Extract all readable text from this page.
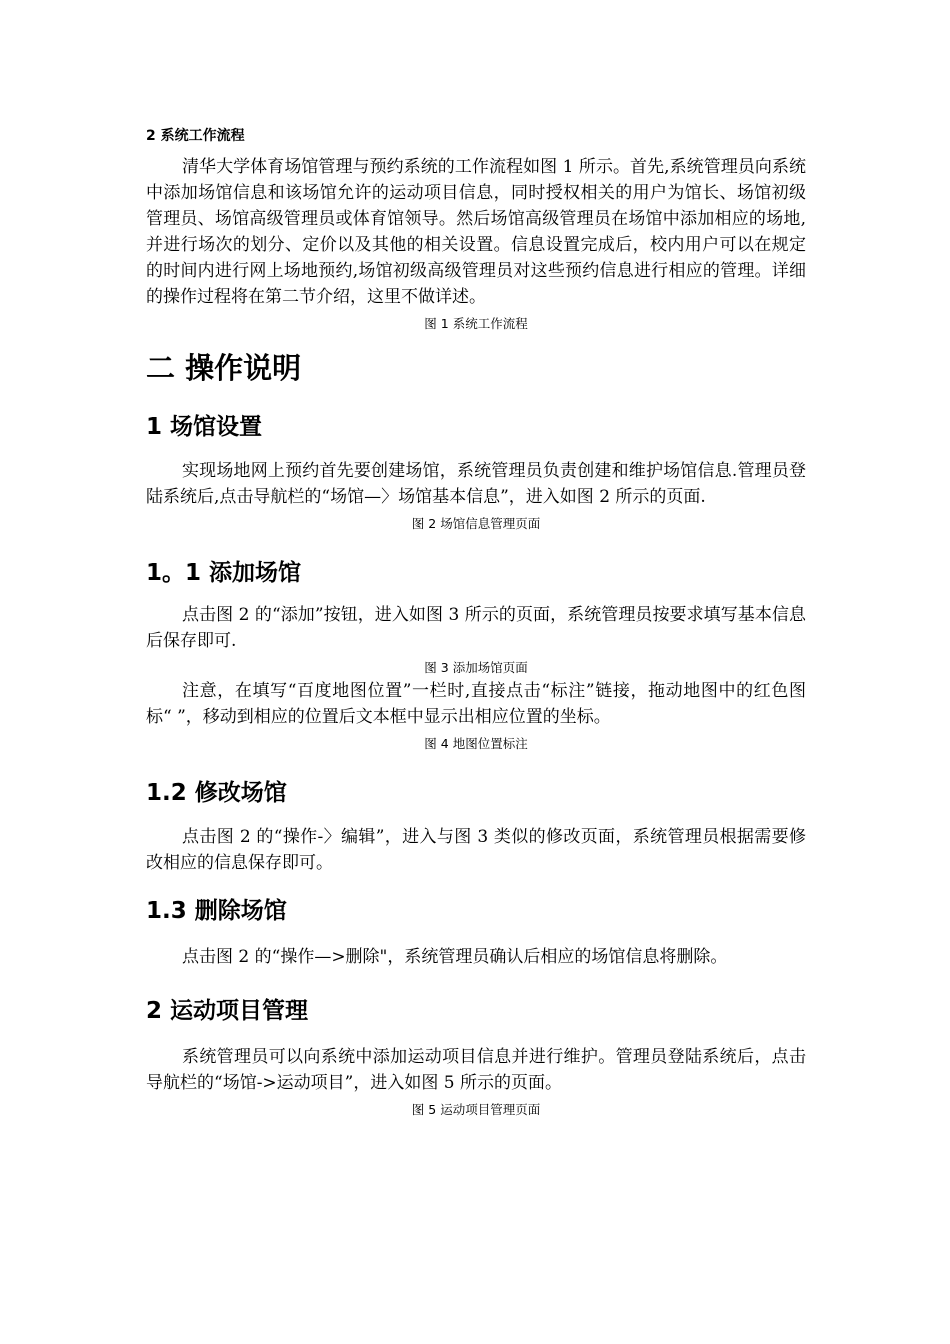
2 系统工作流程

清华大学体育场馆管理与预约系统的工作流程如图 1 所示。首先,系统管理员向系统中添加场馆信息和该场馆允许的运动项目信息，同时授权相关的用户为馆长、场馆初级管理员、场馆高级管理员或体育馆领导。然后场馆高级管理员在场馆中添加相应的场地,并进行场次的划分、定价以及其他的相关设置。信息设置完成后，校内用户可以在规定的时间内进行网上场地预约,场馆初级高级管理员对这些预约信息进行相应的管理。详细的操作过程将在第二节介绍，这里不做详述。

图 1 系统工作流程
二 操作说明
1 场馆设置

实现场地网上预约首先要创建场馆，系统管理员负责创建和维护场馆信息.管理员登陆系统后,点击导航栏的“场馆—〉场馆基本信息”，进入如图 2 所示的页面.

图 2 场馆信息管理页面
1。1 添加场馆

点击图 2 的“添加”按钮，进入如图 3 所示的页面，系统管理员按要求填写基本信息后保存即可.

图 3 添加场馆页面

注意，在填写“百度地图位置”一栏时,直接点击“标注”链接，拖动地图中的红色图标“ ”，移动到相应的位置后文本框中显示出相应位置的坐标。

图 4 地图位置标注
1.2 修改场馆

点击图 2 的“操作-〉编辑”，进入与图 3 类似的修改页面，系统管理员根据需要修改相应的信息保存即可。

1.3 删除场馆

点击图 2 的“操作—>删除"，系统管理员确认后相应的场馆信息将删除。

2 运动项目管理

系统管理员可以向系统中添加运动项目信息并进行维护。管理员登陆系统后，点击导航栏的“场馆->运动项目”，进入如图 5 所示的页面。

图 5 运动项目管理页面
